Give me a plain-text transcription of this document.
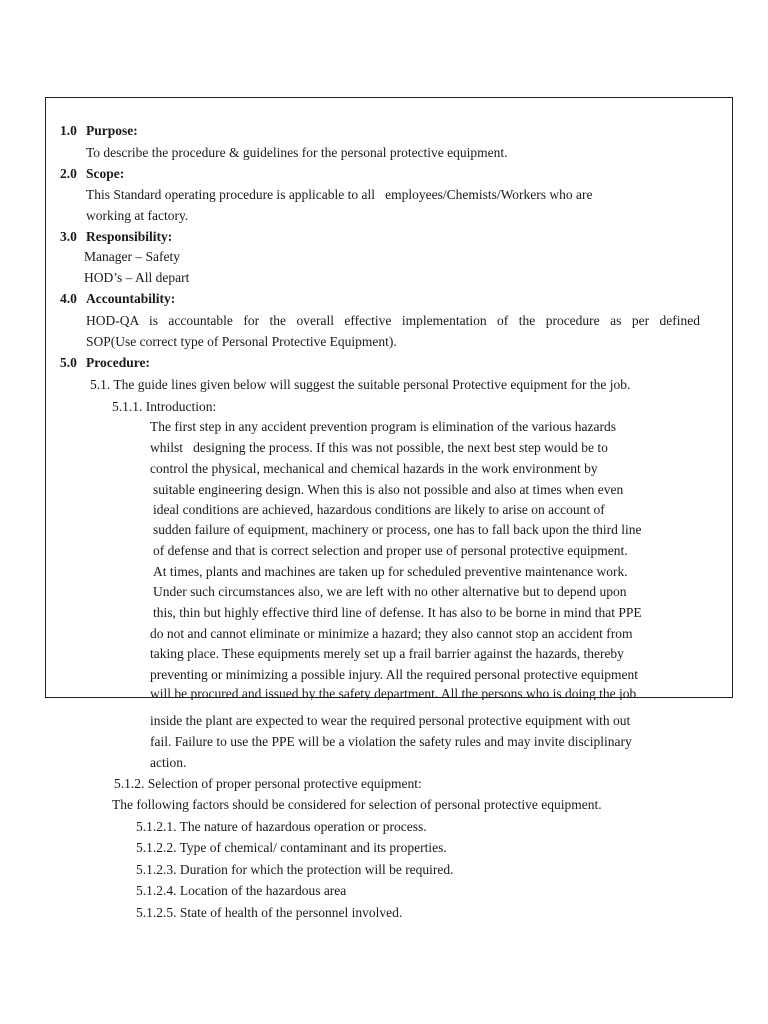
1.0 Purpose:
To describe the procedure & guidelines for the personal protective equipment.
2.0 Scope:
This Standard operating procedure is applicable to all   employees/Chemists/Workers who are
working at factory.
3.0 Responsibility:
Manager – Safety
HOD’s – All depart
4.0 Accountability:
HOD-QA is accountable for the overall effective implementation of the procedure as per defined
SOP(Use correct type of Personal Protective Equipment).
5.0 Procedure:
5.1. The guide lines given below will suggest the suitable personal Protective equipment for the job.
5.1.1. Introduction:
The first step in any accident prevention program is elimination of the various hazards
whilst   designing the process. If this was not possible, the next best step would be to
control the physical, mechanical and chemical hazards in the work environment by
suitable engineering design. When this is also not possible and also at times when even
ideal conditions are achieved, hazardous conditions are likely to arise on account of
sudden failure of equipment, machinery or process, one has to fall back upon the third line
of defense and that is correct selection and proper use of personal protective equipment.
At times, plants and machines are taken up for scheduled preventive maintenance work.
Under such circumstances also, we are left with no other alternative but to depend upon
this, thin but highly effective third line of defense. It has also to be borne in mind that PPE
do not and cannot eliminate or minimize a hazard; they also cannot stop an accident from
taking place. These equipments merely set up a frail barrier against the hazards, thereby
preventing or minimizing a possible injury. All the required personal protective equipment
will be procured and issued by the safety department. All the persons who is doing the job
inside the plant are expected to wear the required personal protective equipment with out
fail. Failure to use the PPE will be a violation the safety rules and may invite disciplinary
action.
5.1.2. Selection of proper personal protective equipment:
The following factors should be considered for selection of personal protective equipment.
5.1.2.1. The nature of hazardous operation or process.
5.1.2.2. Type of chemical/ contaminant and its properties.
5.1.2.3. Duration for which the protection will be required.
5.1.2.4. Location of the hazardous area
5.1.2.5. State of health of the personnel involved.
